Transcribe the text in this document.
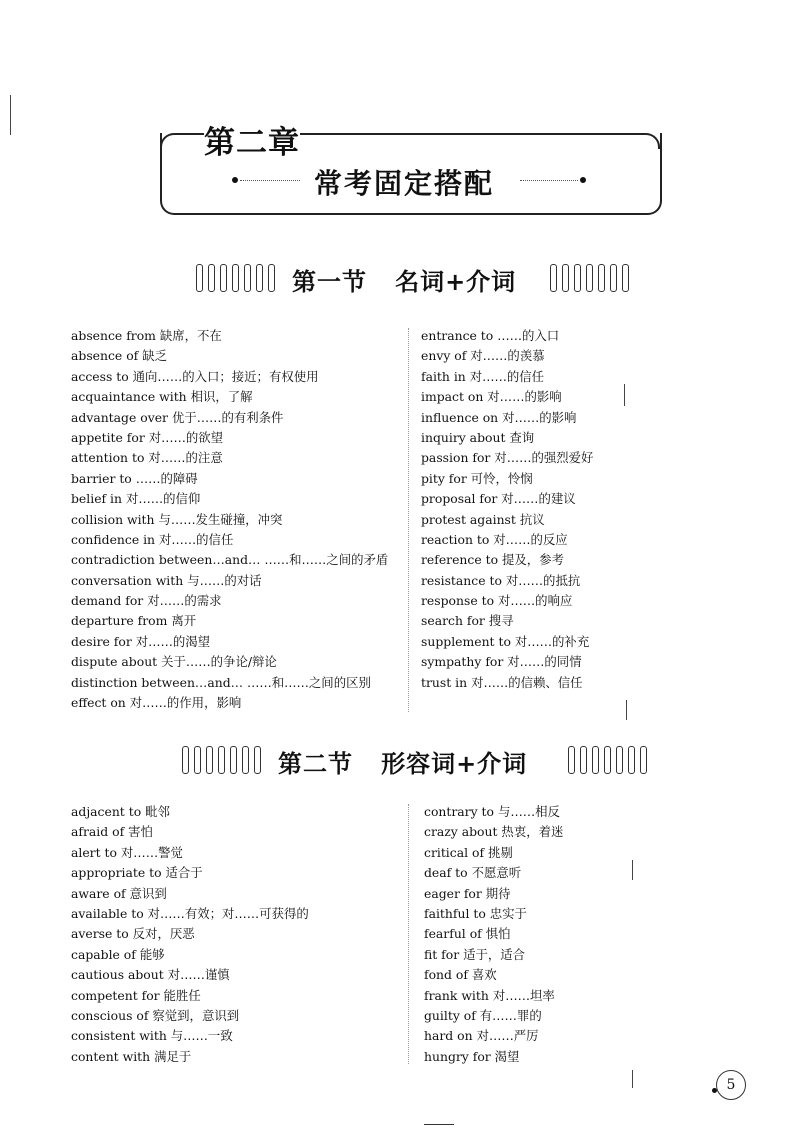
第二章
常考固定搭配
第一节   名词+介词
absence from 缺席，不在
absence of 缺乏
access to 通向……的入口；接近；有权使用
acquaintance with 相识，了解
advantage over 优于……的有利条件
appetite for 对……的欲望
attention to 对……的注意
barrier to ……的障碍
belief in 对……的信仰
collision with 与……发生碰撞，冲突
confidence in 对……的信任
contradiction between…and… ……和……之间的矛盾
conversation with 与……的对话
demand for 对……的需求
departure from 离开
desire for 对……的渴望
dispute about 关于……的争论/辩论
distinction between…and… ……和……之间的区别
effect on 对……的作用，影响
entrance to ……的入口
envy of 对……的羡慕
faith in 对……的信任
impact on 对……的影响
influence on 对……的影响
inquiry about 查询
passion for 对……的强烈爱好
pity for 可怜，怜悯
proposal for 对……的建议
protest against 抗议
reaction to 对……的反应
reference to 提及，参考
resistance to 对……的抵抗
response to 对……的响应
search for 搜寻
supplement to 对……的补充
sympathy for 对……的同情
trust in 对……的信赖、信任
第二节   形容词+介词
adjacent to 毗邻
afraid of 害怕
alert to 对……警觉
appropriate to 适合于
aware of 意识到
available to 对……有效；对……可获得的
averse to 反对，厌恶
capable of 能够
cautious about 对……谨慎
competent for 能胜任
conscious of 察觉到，意识到
consistent with 与……一致
content with 满足于
contrary to 与……相反
crazy about 热衷，着迷
critical of 挑剔
deaf to 不愿意听
eager for 期待
faithful to 忠实于
fearful of 惧怕
fit for 适于，适合
fond of 喜欢
frank with 对……坦率
guilty of 有……罪的
hard on 对……严厉
hungry for 渴望
5
